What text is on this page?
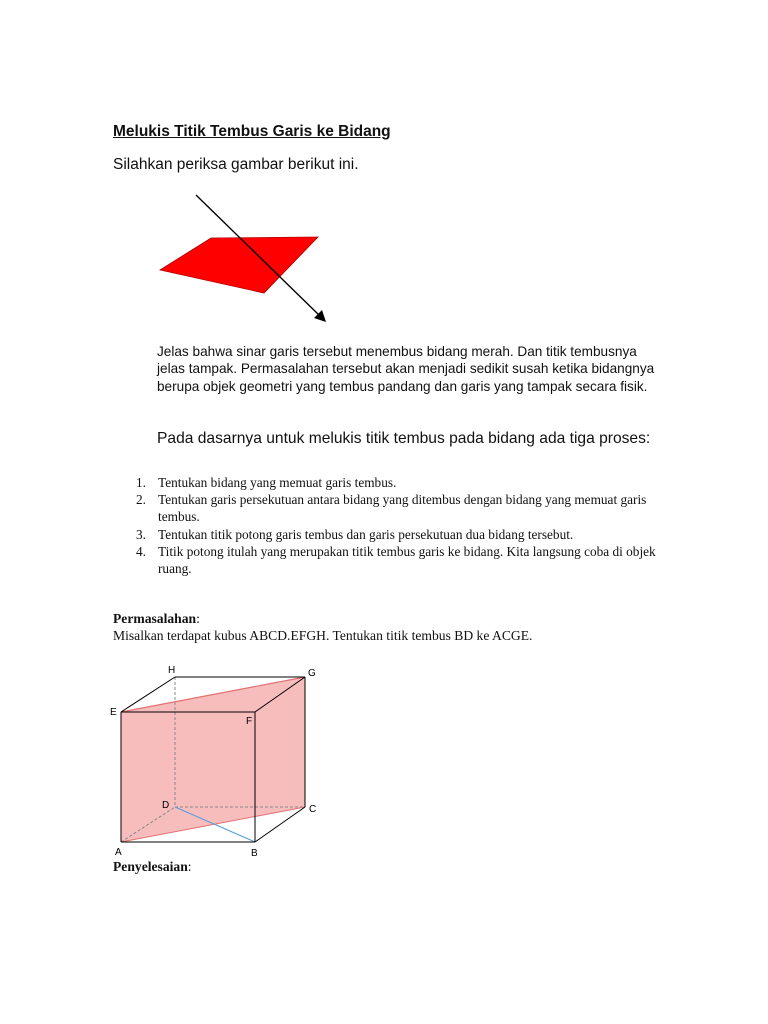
Melukis Titik Tembus Garis ke Bidang
Silahkan periksa gambar berikut ini.
Jelas bahwa sinar garis tersebut menembus bidang merah. Dan titik tembusnya jelas tampak. Permasalahan tersebut akan menjadi sedikit susah ketika bidangnya berupa objek geometri yang tembus pandang dan garis yang tampak secara fisik.
Pada dasarnya untuk melukis titik tembus pada bidang ada tiga proses:
1. Tentukan bidang yang memuat garis tembus.
2. Tentukan garis persekutuan antara bidang yang ditembus dengan bidang yang memuat garis tembus.
3. Tentukan titik potong garis tembus dan garis persekutuan dua bidang tersebut.
4. Titik potong itulah yang merupakan titik tembus garis ke bidang. Kita langsung coba di objek ruang.
Permasalahan:
Misalkan terdapat kubus ABCD.EFGH. Tentukan titik tembus BD ke ACGE.
H	G
E
F
D	C
A	B
Penyelesaian:
